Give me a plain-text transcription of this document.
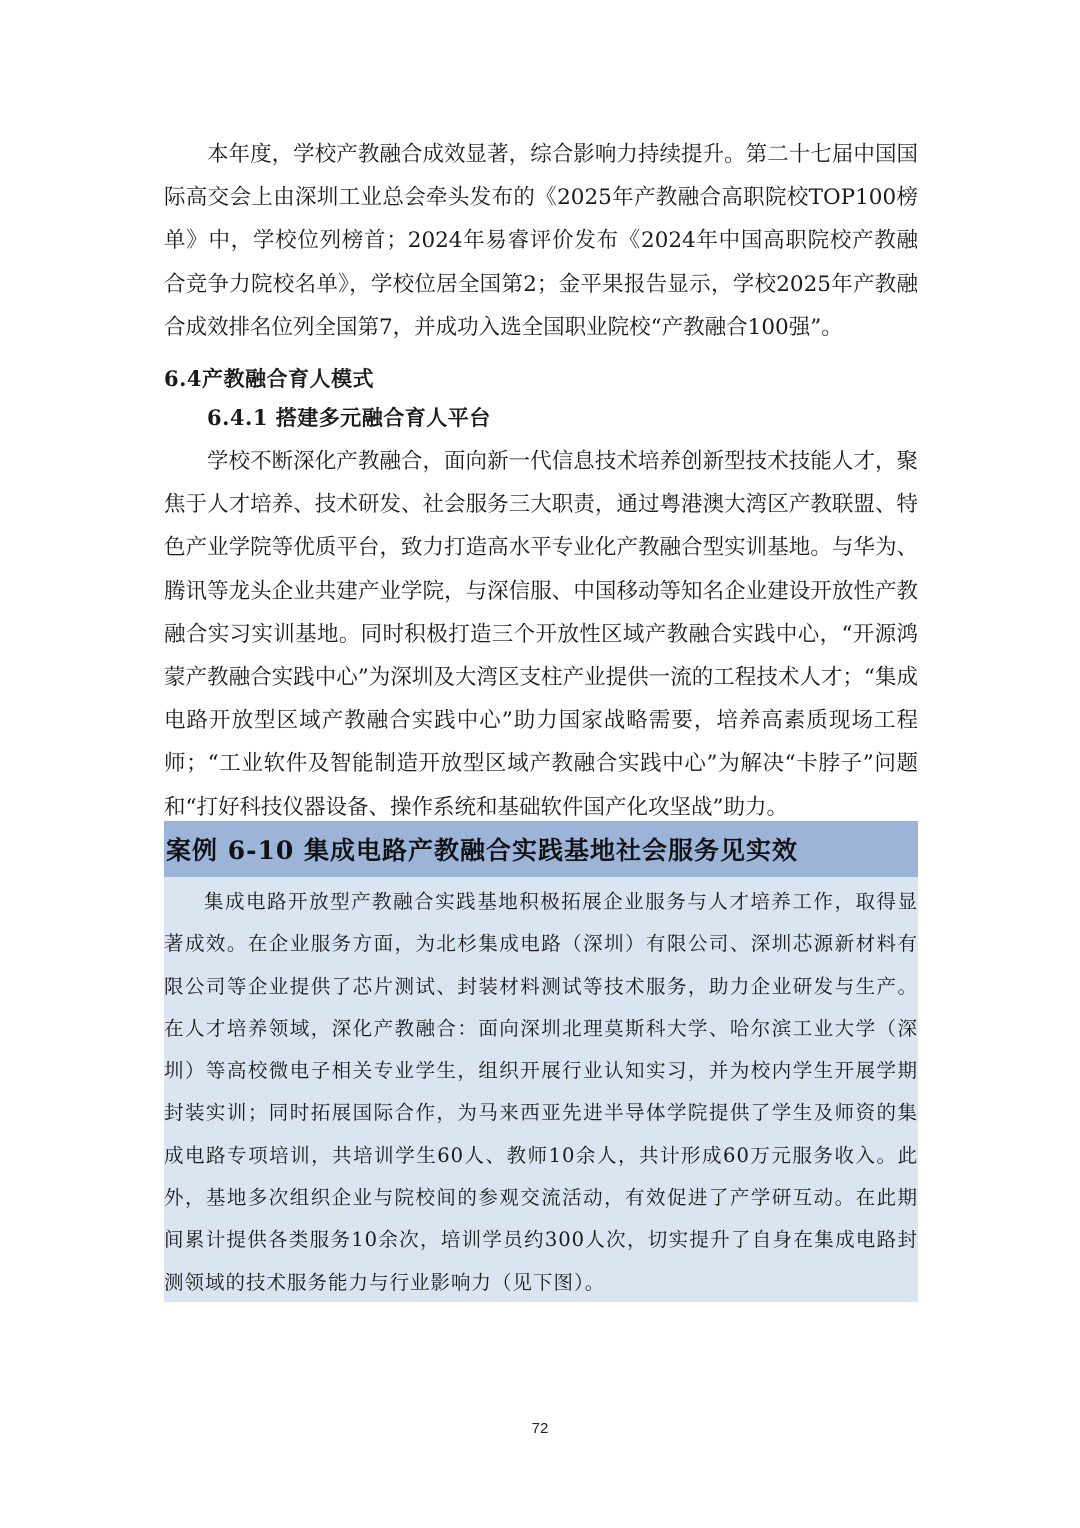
本年度，学校产教融合成效显著，综合影响力持续提升。第二十七届中国国际高交会上由深圳工业总会牵头发布的《2025年产教融合高职院校TOP100榜单》中，学校位列榜首；2024年易睿评价发布《2024年中国高职院校产教融合竞争力院校名单》，学校位居全国第2；金平果报告显示，学校2025年产教融合成效排名位列全国第7，并成功入选全国职业院校“产教融合100强”。

6.4产教融合育人模式
6.4.1 搭建多元融合育人平台

学校不断深化产教融合，面向新一代信息技术培养创新型技术技能人才，聚焦于人才培养、技术研发、社会服务三大职责，通过粤港澳大湾区产教联盟、特色产业学院等优质平台，致力打造高水平专业化产教融合型实训基地。与华为、腾讯等龙头企业共建产业学院，与深信服、中国移动等知名企业建设开放性产教融合实习实训基地。同时积极打造三个开放性区域产教融合实践中心，“开源鸿蒙产教融合实践中心”为深圳及大湾区支柱产业提供一流的工程技术人才；“集成电路开放型区域产教融合实践中心”助力国家战略需要，培养高素质现场工程师；“工业软件及智能制造开放型区域产教融合实践中心”为解决“卡脖子”问题和“打好科技仪器设备、操作系统和基础软件国产化攻坚战”助力。

案例 6-10 集成电路产教融合实践基地社会服务见实效

集成电路开放型产教融合实践基地积极拓展企业服务与人才培养工作，取得显著成效。在企业服务方面，为北杉集成电路（深圳）有限公司、深圳芯源新材料有限公司等企业提供了芯片测试、封装材料测试等技术服务，助力企业研发与生产。在人才培养领域，深化产教融合：面向深圳北理莫斯科大学、哈尔滨工业大学（深圳）等高校微电子相关专业学生，组织开展行业认知实习，并为校内学生开展学期封装实训；同时拓展国际合作，为马来西亚先进半导体学院提供了学生及师资的集成电路专项培训，共培训学生60人、教师10余人，共计形成60万元服务收入。此外，基地多次组织企业与院校间的参观交流活动，有效促进了产学研互动。在此期间累计提供各类服务10余次，培训学员约300人次，切实提升了自身在集成电路封测领域的技术服务能力与行业影响力（见下图）。

72
